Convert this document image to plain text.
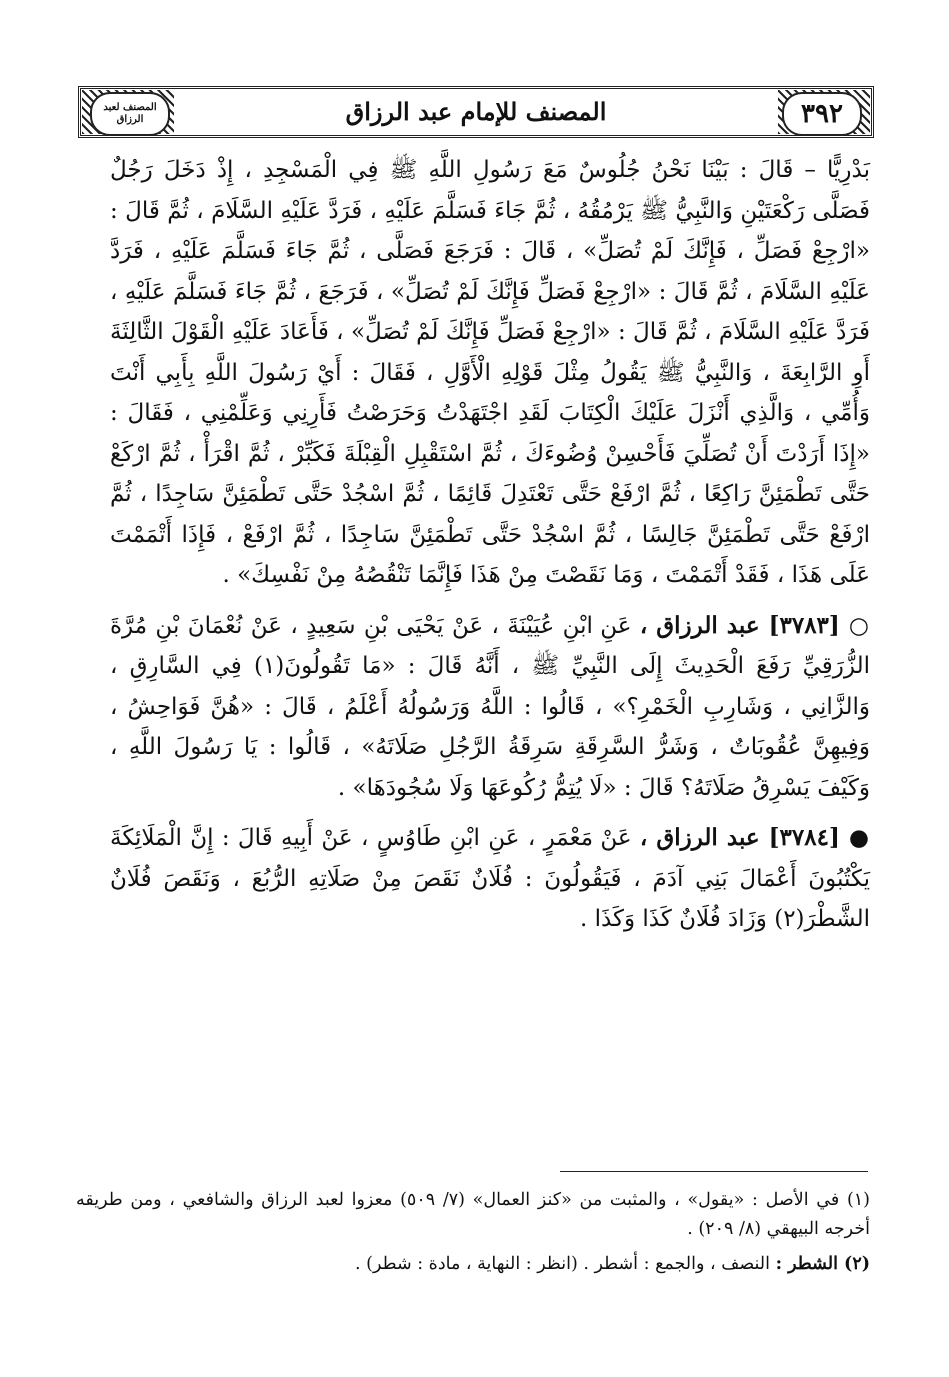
٣٩٢
المصنف لعبد الرزاق	المصنف للإمام عبد الرزاق

بَدْرِيًّا – قَالَ : بَيْنَا نَحْنُ جُلُوسٌ مَعَ رَسُولِ اللَّهِ ﷺ فِي الْمَسْجِدِ ، إِذْ دَخَلَ رَجُلٌ فَصَلَّى رَكْعَتَيْنِ وَالنَّبِيُّ ﷺ يَرْمُقُهُ ، ثُمَّ جَاءَ فَسَلَّمَ عَلَيْهِ ، فَرَدَّ عَلَيْهِ السَّلَامَ ، ثُمَّ قَالَ : «ارْجِعْ فَصَلِّ ، فَإِنَّكَ لَمْ تُصَلِّ» ، قَالَ : فَرَجَعَ فَصَلَّى ، ثُمَّ جَاءَ فَسَلَّمَ عَلَيْهِ ، فَرَدَّ عَلَيْهِ السَّلَامَ ، ثُمَّ قَالَ : «ارْجِعْ فَصَلِّ فَإِنَّكَ لَمْ تُصَلِّ» ، فَرَجَعَ ، ثُمَّ جَاءَ فَسَلَّمَ عَلَيْهِ ، فَرَدَّ عَلَيْهِ السَّلَامَ ، ثُمَّ قَالَ : «ارْجِعْ فَصَلِّ فَإِنَّكَ لَمْ تُصَلِّ» ، فَأَعَادَ عَلَيْهِ الْقَوْلَ الثَّالِثَةَ أَوِ الرَّابِعَةَ ، وَالنَّبِيُّ ﷺ يَقُولُ مِثْلَ قَوْلِهِ الْأَوَّلِ ، فَقَالَ : أَيْ رَسُولَ اللَّهِ بِأَبِي أَنْتَ وَأُمِّي ، وَالَّذِي أَنْزَلَ عَلَيْكَ الْكِتَابَ لَقَدِ اجْتَهَدْتُ وَحَرَصْتُ فَأَرِنِي وَعَلِّمْنِي ، فَقَالَ : «إِذَا أَرَدْتَ أَنْ تُصَلِّيَ فَأَحْسِنْ وُضُوءَكَ ، ثُمَّ اسْتَقْبِلِ الْقِبْلَةَ فَكَبِّرْ ، ثُمَّ اقْرَأْ ، ثُمَّ ارْكَعْ حَتَّى تَطْمَئِنَّ رَاكِعًا ، ثُمَّ ارْفَعْ حَتَّى تَعْتَدِلَ قَائِمًا ، ثُمَّ اسْجُدْ حَتَّى تَطْمَئِنَّ سَاجِدًا ، ثُمَّ ارْفَعْ حَتَّى تَطْمَئِنَّ جَالِسًا ، ثُمَّ اسْجُدْ حَتَّى تَطْمَئِنَّ سَاجِدًا ، ثُمَّ ارْفَعْ ، فَإِذَا أَتْمَمْتَ عَلَى هَذَا ، فَقَدْ أَتْمَمْتَ ، وَمَا نَقَصْتَ مِنْ هَذَا فَإِنَّمَا تَنْقُصُهُ مِنْ نَفْسِكَ» .

○ [٣٧٨٣] عبد الرزاق ، عَنِ ابْنِ عُيَيْنَةَ ، عَنْ يَحْيَى بْنِ سَعِيدٍ ، عَنْ نُعْمَانَ بْنِ مُرَّةَ الزُّرَقِيِّ رَفَعَ الْحَدِيثَ إِلَى النَّبِيِّ ﷺ ، أَنَّهُ قَالَ : «مَا تَقُولُونَ(١) فِي السَّارِقِ ، وَالزَّانِي ، وَشَارِبِ الْخَمْرِ؟» ، قَالُوا : اللَّهُ وَرَسُولُهُ أَعْلَمُ ، قَالَ : «هُنَّ فَوَاحِشُ ، وَفِيهِنَّ عُقُوبَاتٌ ، وَشَرُّ السَّرِقَةِ سَرِقَةُ الرَّجُلِ صَلَاتَهُ» ، قَالُوا : يَا رَسُولَ اللَّهِ ، وَكَيْفَ يَسْرِقُ صَلَاتَهُ؟ قَالَ : «لَا يُتِمُّ رُكُوعَهَا وَلَا سُجُودَهَا» .

● [٣٧٨٤] عبد الرزاق ، عَنْ مَعْمَرٍ ، عَنِ ابْنِ طَاوُسٍ ، عَنْ أَبِيهِ قَالَ : إِنَّ الْمَلَائِكَةَ يَكْتُبُونَ أَعْمَالَ بَنِي آدَمَ ، فَيَقُولُونَ : فُلَانٌ نَقَصَ مِنْ صَلَاتِهِ الرُّبُعَ ، وَنَقَصَ فُلَانٌ الشَّطْرَ(٢) وَزَادَ فُلَانٌ كَذَا وَكَذَا .

(١) في الأصل : «يقول» ، والمثبت من «كنز العمال» (٧/ ٥٠٩) معزوا لعبد الرزاق والشافعي ، ومن طريقه أخرجه البيهقي (٨/ ٢٠٩) .

(٢) الشطر : النصف ، والجمع : أشطر . (انظر : النهاية ، مادة : شطر) .
